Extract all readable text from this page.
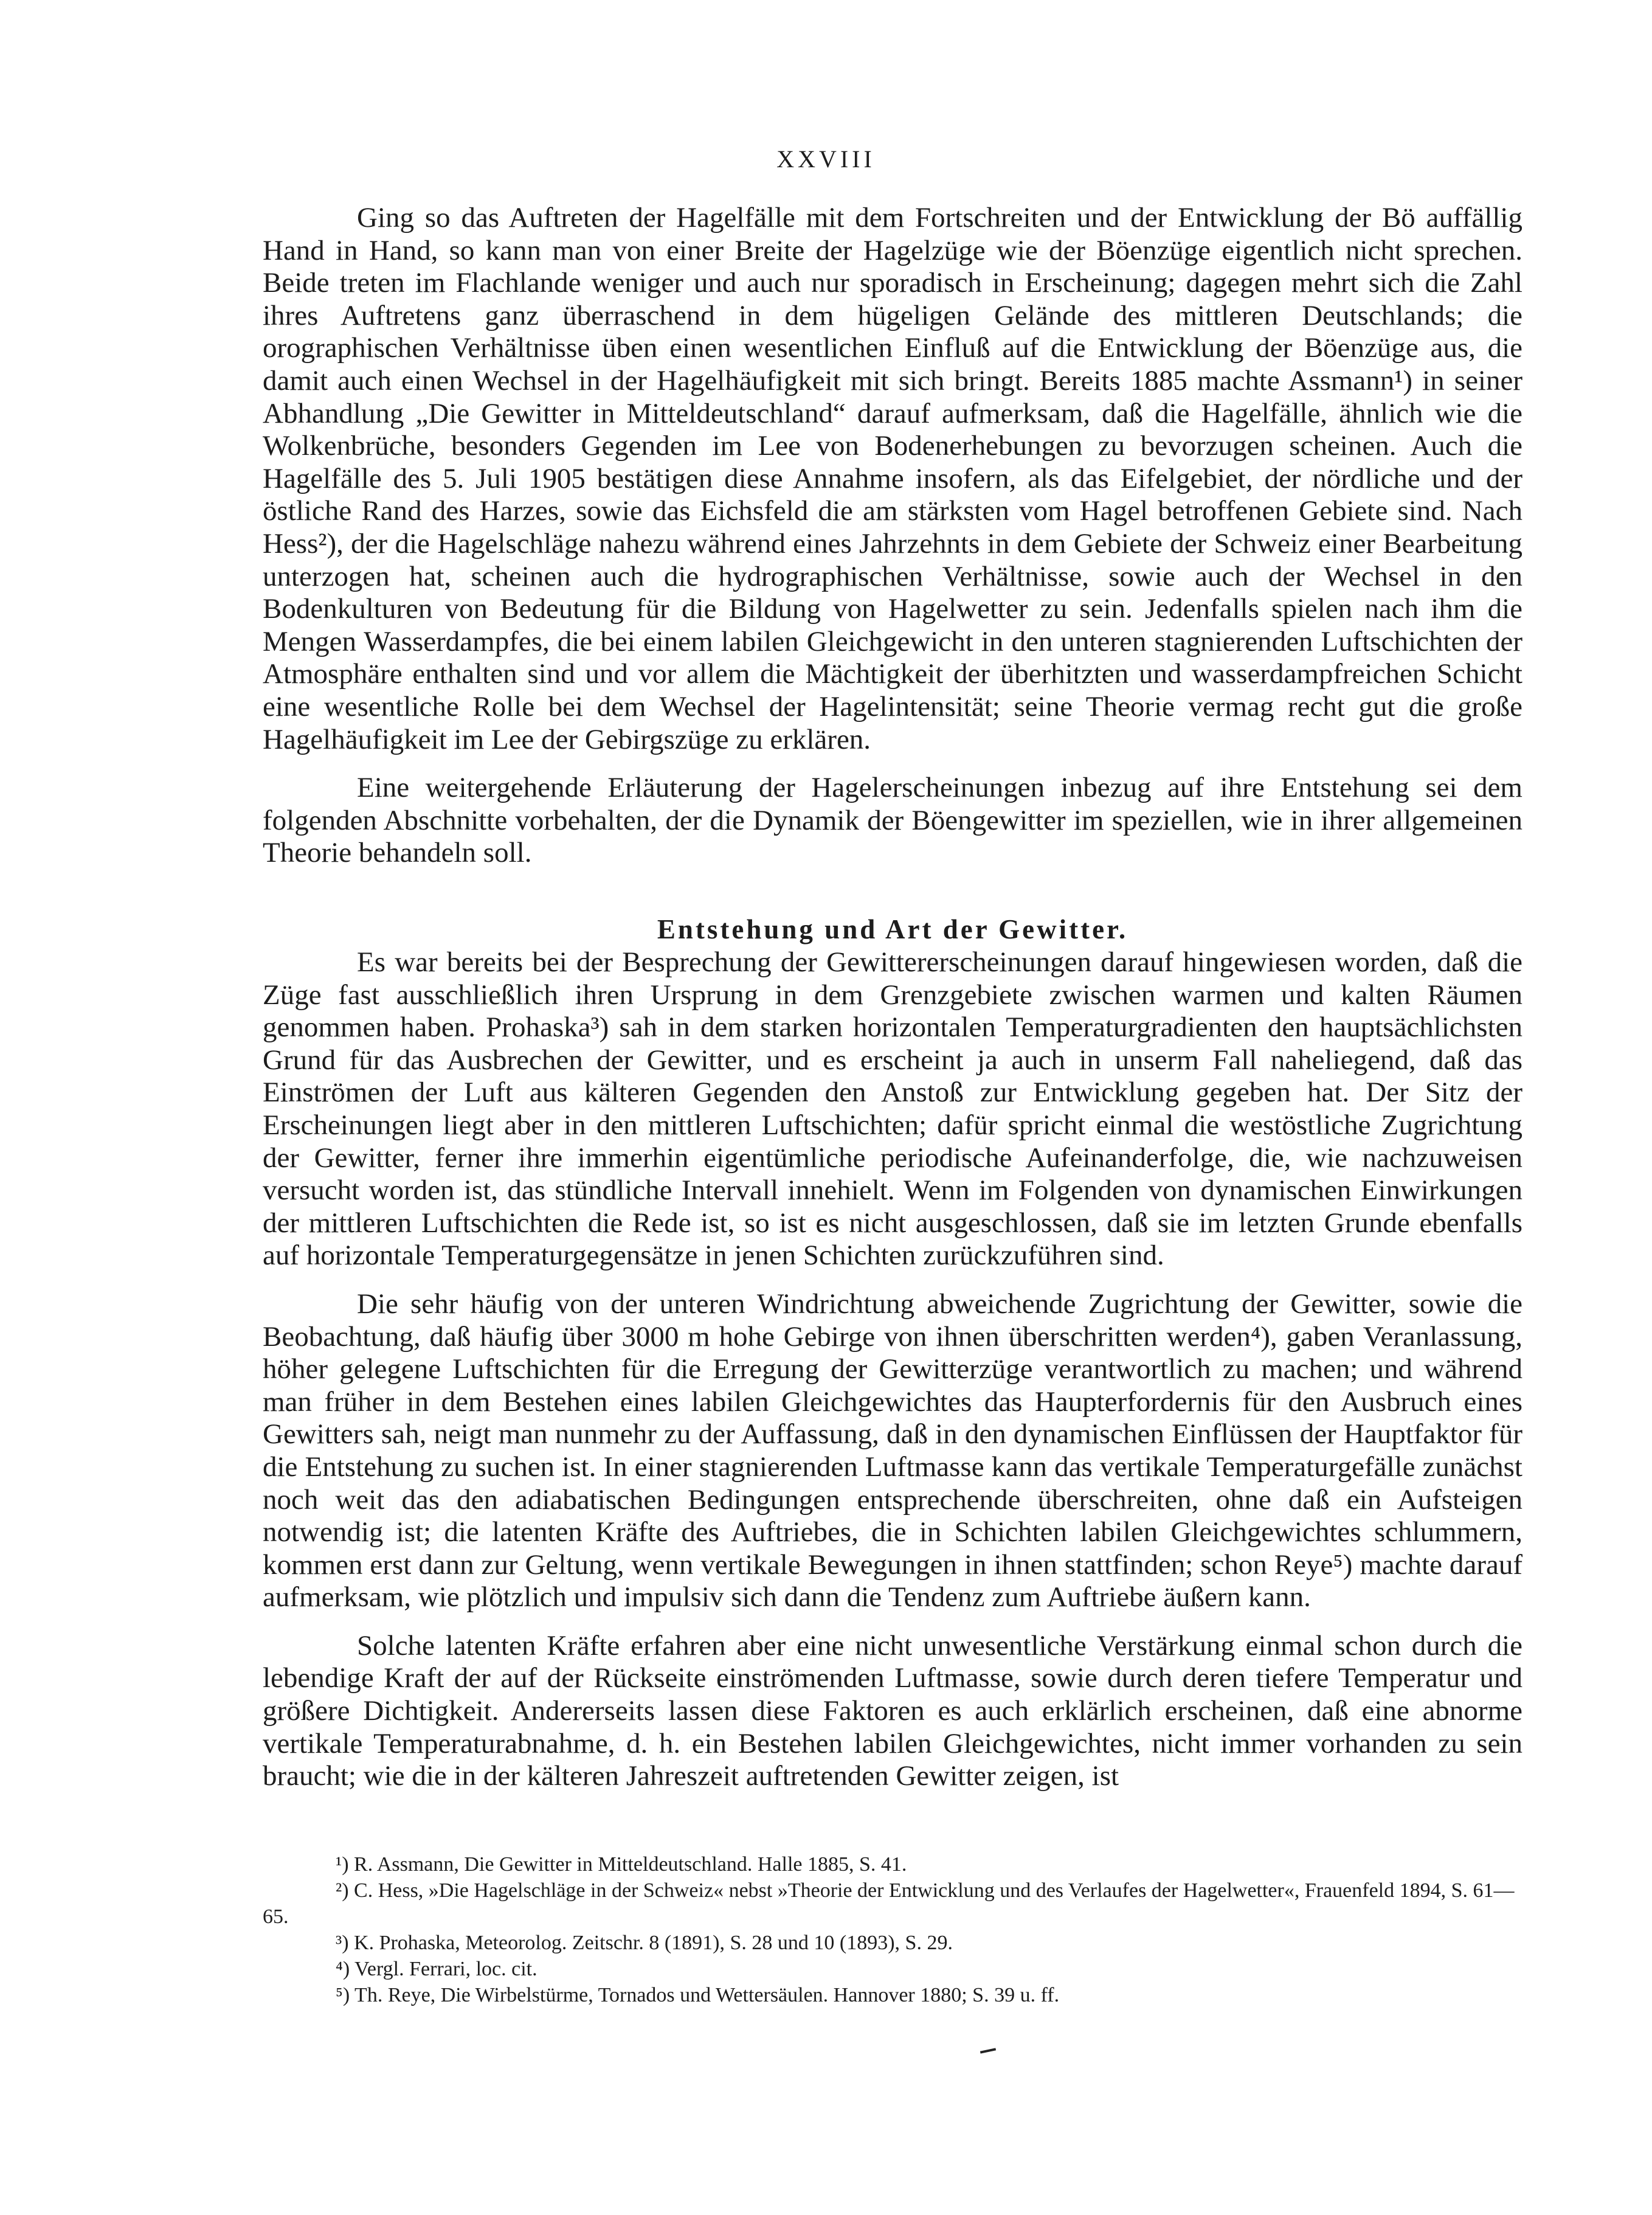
XXVIII

Ging so das Auftreten der Hagelfälle mit dem Fortschreiten und der Entwicklung der Bö auffällig Hand in Hand, so kann man von einer Breite der Hagelzüge wie der Böenzüge eigentlich nicht sprechen. Beide treten im Flachlande weniger und auch nur sporadisch in Erscheinung; dagegen mehrt sich die Zahl ihres Auftretens ganz überraschend in dem hügeligen Gelände des mittleren Deutschlands; die orographischen Verhältnisse üben einen wesentlichen Einfluß auf die Entwicklung der Böenzüge aus, die damit auch einen Wechsel in der Hagelhäufigkeit mit sich bringt. Bereits 1885 machte Assmann¹) in seiner Abhandlung „Die Gewitter in Mitteldeutschland“ darauf aufmerksam, daß die Hagelfälle, ähnlich wie die Wolkenbrüche, besonders Gegenden im Lee von Bodenerhebungen zu bevorzugen scheinen. Auch die Hagelfälle des 5. Juli 1905 bestätigen diese Annahme insofern, als das Eifelgebiet, der nördliche und der östliche Rand des Harzes, sowie das Eichsfeld die am stärksten vom Hagel betroffenen Gebiete sind. Nach Hess²), der die Hagelschläge nahezu während eines Jahrzehnts in dem Gebiete der Schweiz einer Bearbeitung unterzogen hat, scheinen auch die hydrographischen Verhältnisse, sowie auch der Wechsel in den Bodenkulturen von Bedeutung für die Bildung von Hagelwetter zu sein. Jedenfalls spielen nach ihm die Mengen Wasserdampfes, die bei einem labilen Gleichgewicht in den unteren stagnierenden Luftschichten der Atmosphäre enthalten sind und vor allem die Mächtigkeit der überhitzten und wasserdampfreichen Schicht eine wesentliche Rolle bei dem Wechsel der Hagelintensität; seine Theorie vermag recht gut die große Hagelhäufigkeit im Lee der Gebirgszüge zu erklären.

Eine weitergehende Erläuterung der Hagelerscheinungen inbezug auf ihre Entstehung sei dem folgenden Abschnitte vorbehalten, der die Dynamik der Böengewitter im speziellen, wie in ihrer allgemeinen Theorie behandeln soll.

Entstehung und Art der Gewitter.

Es war bereits bei der Besprechung der Gewittererscheinungen darauf hingewiesen worden, daß die Züge fast ausschließlich ihren Ursprung in dem Grenzgebiete zwischen warmen und kalten Räumen genommen haben. Prohaska³) sah in dem starken horizontalen Temperaturgradienten den hauptsächlichsten Grund für das Ausbrechen der Gewitter, und es erscheint ja auch in unserm Fall naheliegend, daß das Einströmen der Luft aus kälteren Gegenden den Anstoß zur Entwicklung gegeben hat. Der Sitz der Erscheinungen liegt aber in den mittleren Luftschichten; dafür spricht einmal die westöstliche Zugrichtung der Gewitter, ferner ihre immerhin eigentümliche periodische Aufeinanderfolge, die, wie nachzuweisen versucht worden ist, das stündliche Intervall innehielt. Wenn im Folgenden von dynamischen Einwirkungen der mittleren Luftschichten die Rede ist, so ist es nicht ausgeschlossen, daß sie im letzten Grunde ebenfalls auf horizontale Temperaturgegensätze in jenen Schichten zurückzuführen sind.

Die sehr häufig von der unteren Windrichtung abweichende Zugrichtung der Gewitter, sowie die Beobachtung, daß häufig über 3000 m hohe Gebirge von ihnen überschritten werden⁴), gaben Veranlassung, höher gelegene Luftschichten für die Erregung der Gewitterzüge verantwortlich zu machen; und während man früher in dem Bestehen eines labilen Gleichgewichtes das Haupterfordernis für den Ausbruch eines Gewitters sah, neigt man nunmehr zu der Auffassung, daß in den dynamischen Einflüssen der Hauptfaktor für die Entstehung zu suchen ist. In einer stagnierenden Luftmasse kann das vertikale Temperaturgefälle zunächst noch weit das den adiabatischen Bedingungen entsprechende überschreiten, ohne daß ein Aufsteigen notwendig ist; die latenten Kräfte des Auftriebes, die in Schichten labilen Gleichgewichtes schlummern, kommen erst dann zur Geltung, wenn vertikale Bewegungen in ihnen stattfinden; schon Reye⁵) machte darauf aufmerksam, wie plötzlich und impulsiv sich dann die Tendenz zum Auftriebe äußern kann.

Solche latenten Kräfte erfahren aber eine nicht unwesentliche Verstärkung einmal schon durch die lebendige Kraft der auf der Rückseite einströmenden Luftmasse, sowie durch deren tiefere Temperatur und größere Dichtigkeit. Andererseits lassen diese Faktoren es auch erklärlich erscheinen, daß eine abnorme vertikale Temperaturabnahme, d. h. ein Bestehen labilen Gleichgewichtes, nicht immer vorhanden zu sein braucht; wie die in der kälteren Jahreszeit auftretenden Gewitter zeigen, ist

¹) R. Assmann, Die Gewitter in Mitteldeutschland. Halle 1885, S. 41.

²) C. Hess, »Die Hagelschläge in der Schweiz« nebst »Theorie der Entwicklung und des Verlaufes der Hagelwetter«, Frauenfeld 1894, S. 61—65.

³) K. Prohaska, Meteorolog. Zeitschr. 8 (1891), S. 28 und 10 (1893), S. 29.

⁴) Vergl. Ferrari, loc. cit.

⁵) Th. Reye, Die Wirbelstürme, Tornados und Wettersäulen. Hannover 1880; S. 39 u. ff.
